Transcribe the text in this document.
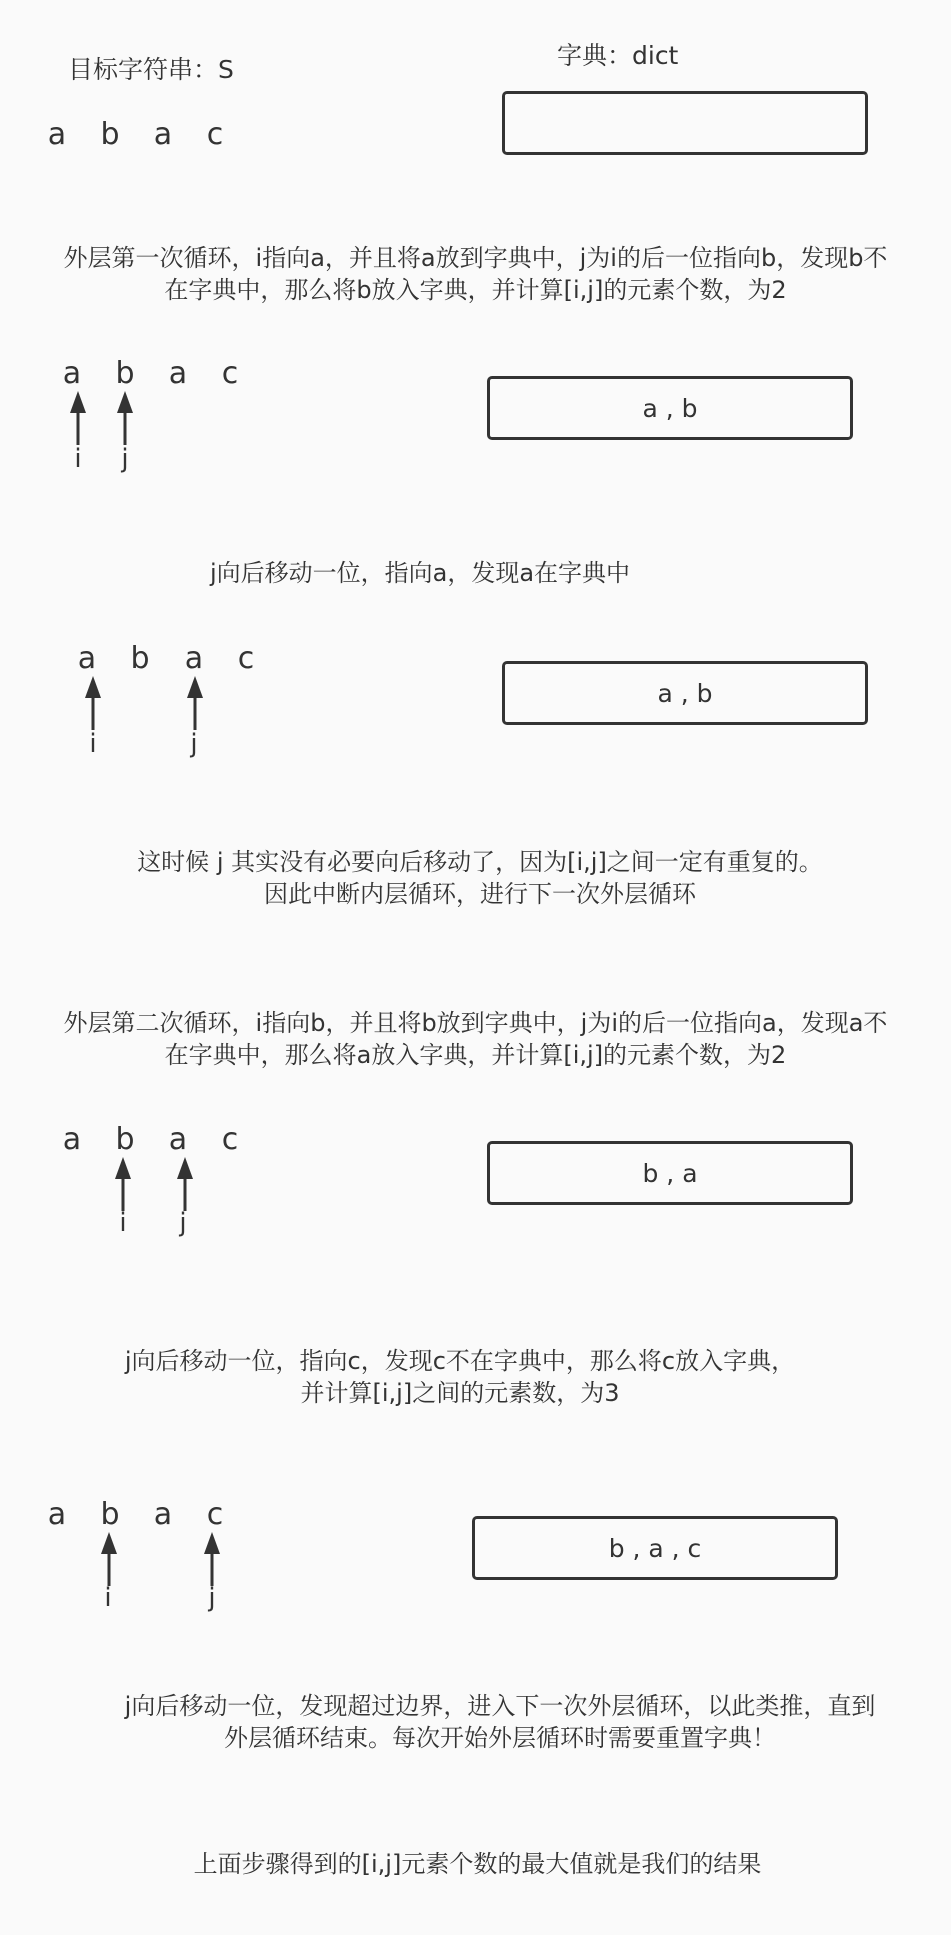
目标字符串：S	字典：dict
a b a c
外层第一次循环，i指向a，并且将a放到字典中，j为i的后一位指向b，发现b不
在字典中，那么将b放入字典，并计算[i,j]的元素个数，为2
a b a c
i	j
a , b
j向后移动一位，指向a，发现a在字典中
a b a c
i	j
a , b
这时候 j 其实没有必要向后移动了，因为[i,j]之间一定有重复的。
因此中断内层循环，进行下一次外层循环
外层第二次循环，i指向b，并且将b放到字典中，j为i的后一位指向a，发现a不
在字典中，那么将a放入字典，并计算[i,j]的元素个数，为2
a b a c
i	j
b , a
j向后移动一位，指向c，发现c不在字典中，那么将c放入字典，
并计算[i,j]之间的元素数，为3
a b a c
i	j
b , a , c
j向后移动一位，发现超过边界，进入下一次外层循环，以此类推，直到
外层循环结束。每次开始外层循环时需要重置字典！
上面步骤得到的[i,j]元素个数的最大值就是我们的结果
